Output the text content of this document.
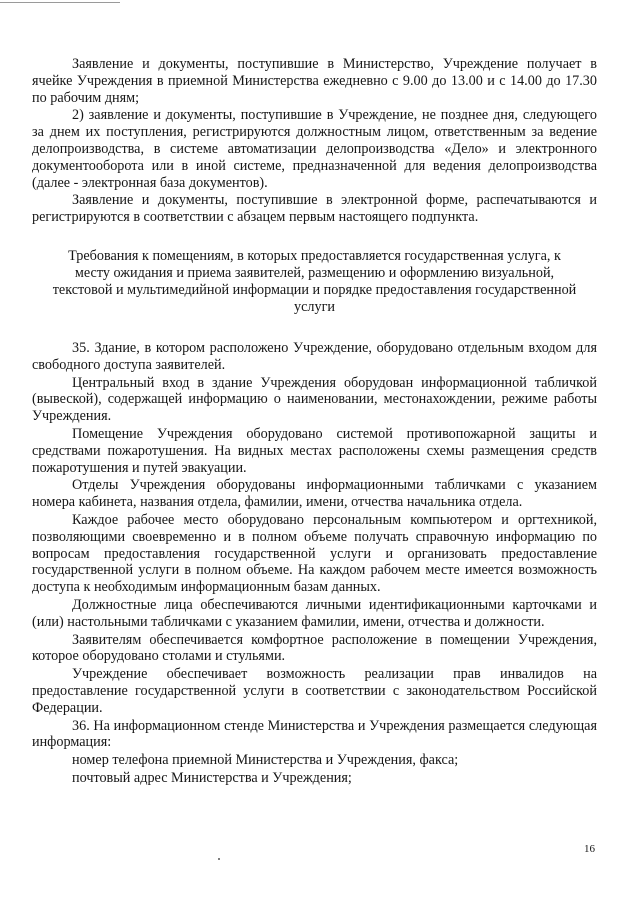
Заявление и документы, поступившие в Министерство, Учреждение получает в ячейке Учреждения в приемной Министерства ежедневно с 9.00 до 13.00 и с 14.00 до 17.30 по рабочим дням;

2) заявление и документы, поступившие в Учреждение, не позднее дня, следующего за днем их поступления, регистрируются должностным лицом, ответственным за ведение делопроизводства, в системе автоматизации делопроизводства «Дело» и электронного документооборота или в иной системе, предназначенной для ведения делопроизводства (далее - электронная база документов).

Заявление и документы, поступившие в электронной форме, распечатываются и регистрируются в соответствии с абзацем первым настоящего подпункта.

Требования к помещениям, в которых предоставляется государственная услуга, к месту ожидания и приема заявителей, размещению и оформлению визуальной, текстовой и мультимедийной информации и порядке предоставления государственной услуги

35. Здание, в котором расположено Учреждение, оборудовано отдельным входом для свободного доступа заявителей.

Центральный вход в здание Учреждения оборудован информационной табличкой (вывеской), содержащей информацию о наименовании, местонахождении, режиме работы Учреждения.

Помещение Учреждения оборудовано системой противопожарной защиты и средствами пожаротушения. На видных местах расположены схемы размещения средств пожаротушения и путей эвакуации.

Отделы Учреждения оборудованы информационными табличками с указанием номера кабинета, названия отдела, фамилии, имени, отчества начальника отдела.

Каждое рабочее место оборудовано персональным компьютером и оргтехникой, позволяющими своевременно и в полном объеме получать справочную информацию по вопросам предоставления государственной услуги и организовать предоставление государственной услуги в полном объеме. На каждом рабочем месте имеется возможность доступа к необходимым информационным базам данных.

Должностные лица обеспечиваются личными идентификационными карточками и (или) настольными табличками с указанием фамилии, имени, отчества и должности.

Заявителям обеспечивается комфортное расположение в помещении Учреждения, которое оборудовано столами и стульями.

Учреждение обеспечивает возможность реализации прав инвалидов на предоставление государственной услуги в соответствии с законодательством Российской Федерации.

36. На информационном стенде Министерства и Учреждения размещается следующая информация:

номер телефона приемной Министерства и Учреждения, факса;

почтовый адрес Министерства и Учреждения;

16
